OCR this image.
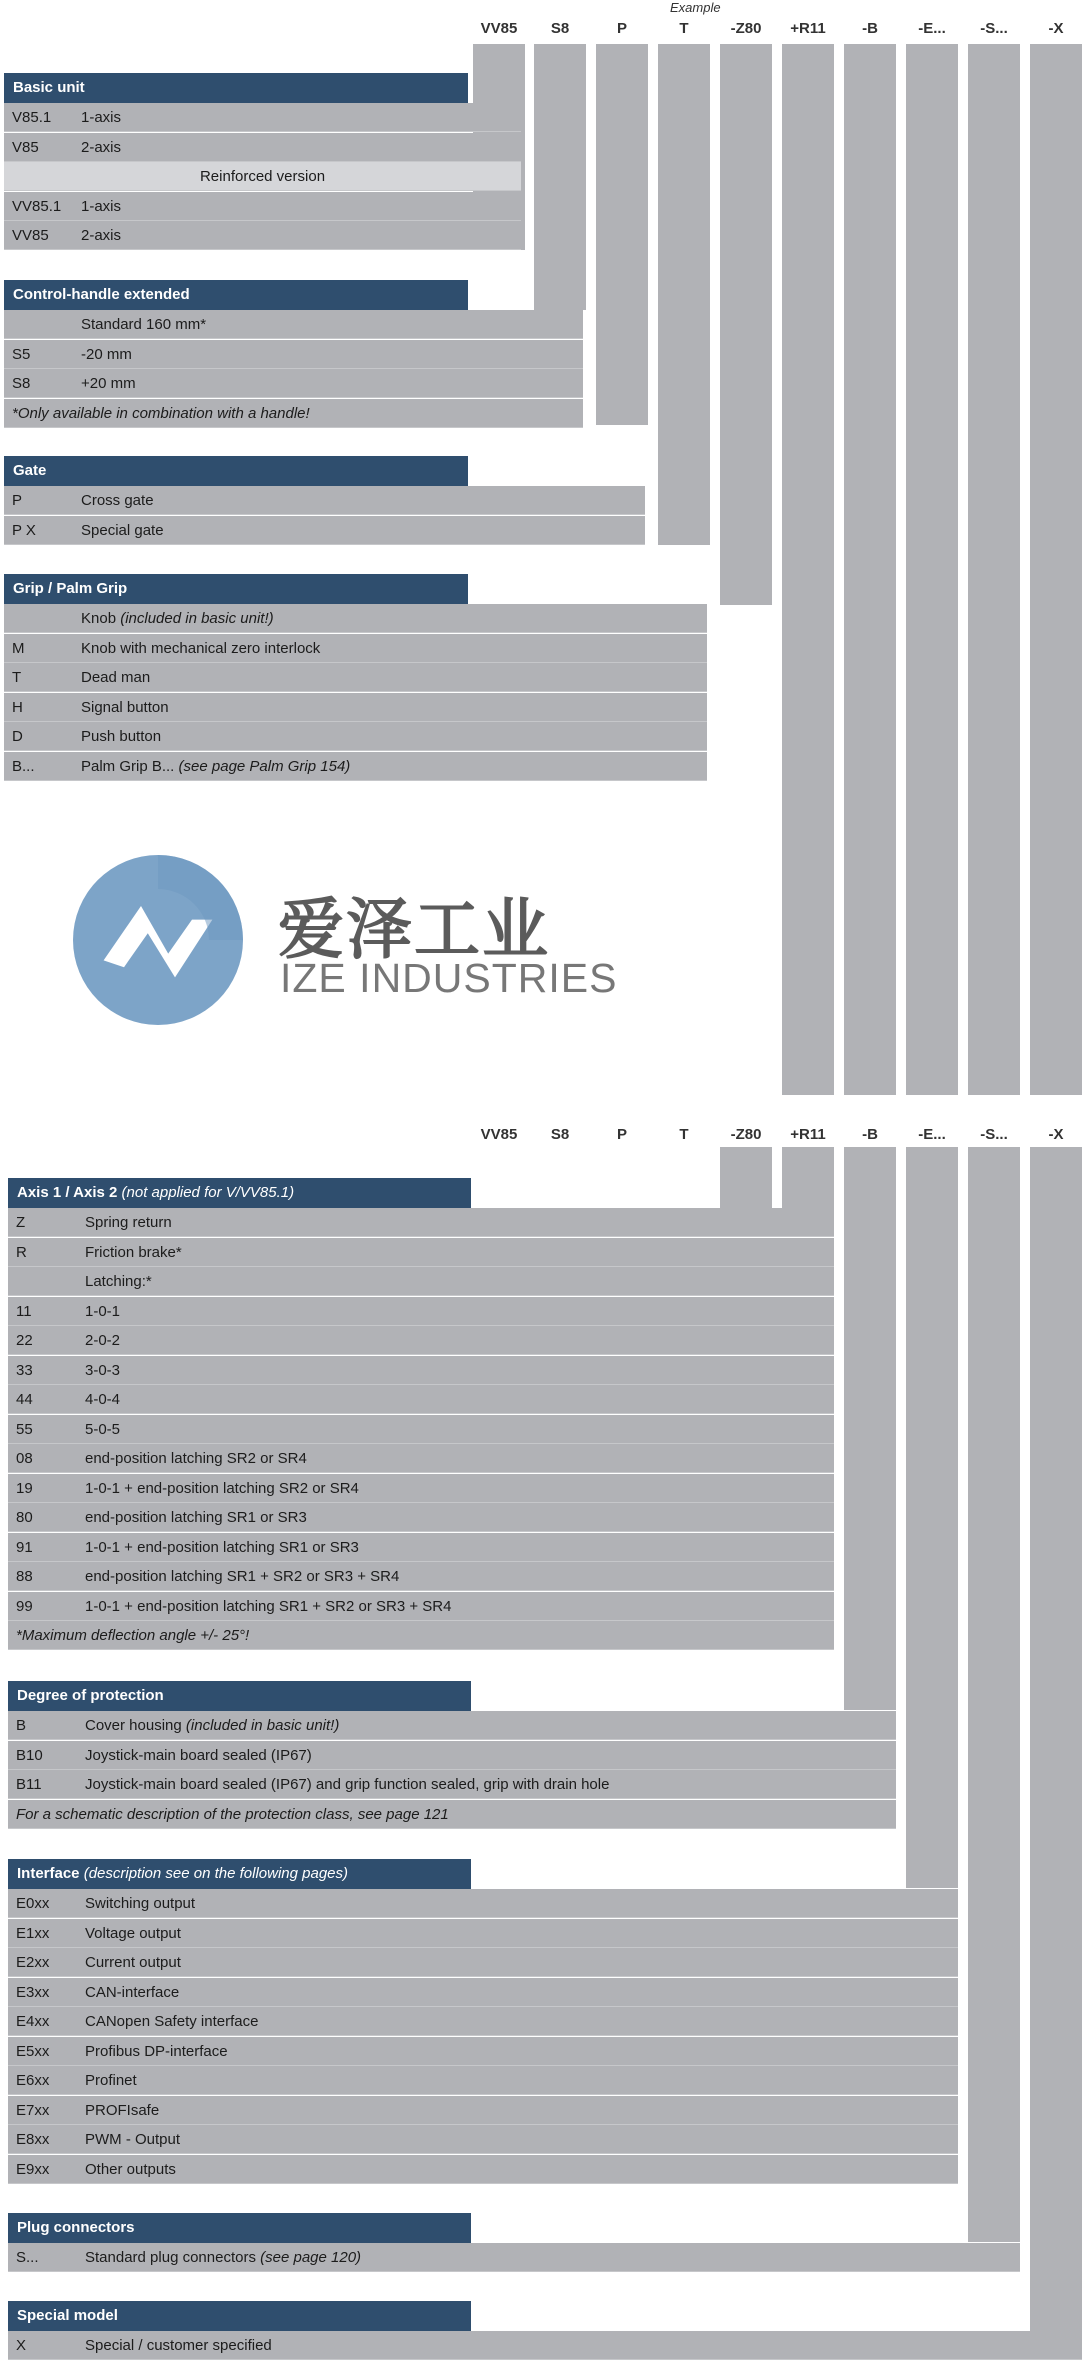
Example
VV85	S8	P	T	-Z80	+R11	-B	-E...	-S...	-X
VV85	S8	P	T	-Z80	+R11	-B	-E...	-S...	-X
Basic unit
V85.1 1-axis
V85	2-axis
Reinforced version
VV85.1 1-axis
VV85 2-axis
Control-handle extended
Standard 160 mm*
S5	-20 mm
S8	+20 mm
*Only available in combination with a handle!
Gate
P	Cross gate
P X	Special gate
Grip / Palm Grip
Knob (included in basic unit!)
M	Knob with mechanical zero interlock
T	Dead man
H	Signal button
D	Push button
B...	Palm Grip B... (see page Palm Grip 154)
Axis 1 / Axis 2 (not applied for V/VV85.1)
Z	Spring return
R	Friction brake*
Latching:*
11	1-0-1
22	2-0-2
33	3-0-3
44	4-0-4
55	5-0-5
08	end-position latching SR2 or SR4
19	1-0-1 + end-position latching SR2 or SR4
80	end-position latching SR1 or SR3
91	1-0-1 + end-position latching SR1 or SR3
88	end-position latching SR1 + SR2 or SR3 + SR4
99	1-0-1 + end-position latching SR1 + SR2 or SR3 + SR4
*Maximum deflection angle +/- 25°!
Degree of protection
B	Cover housing (included in basic unit!)
B10	Joystick-main board sealed (IP67)
B11	Joystick-main board sealed (IP67) and grip function sealed, grip with drain hole
For a schematic description of the protection class, see page 121
Interface (description see on the following pages)
E0xx Switching output
E1xx Voltage output
E2xx Current output
E3xx CAN-interface
E4xx CANopen Safety interface
E5xx Profibus DP-interface
E6xx Profinet
E7xx PROFIsafe
E8xx PWM - Output
E9xx Other outputs
Plug connectors
S...	Standard plug connectors (see page 120)
Special model
X	Special / customer specified
爱泽工业
IZE INDUSTRIES
